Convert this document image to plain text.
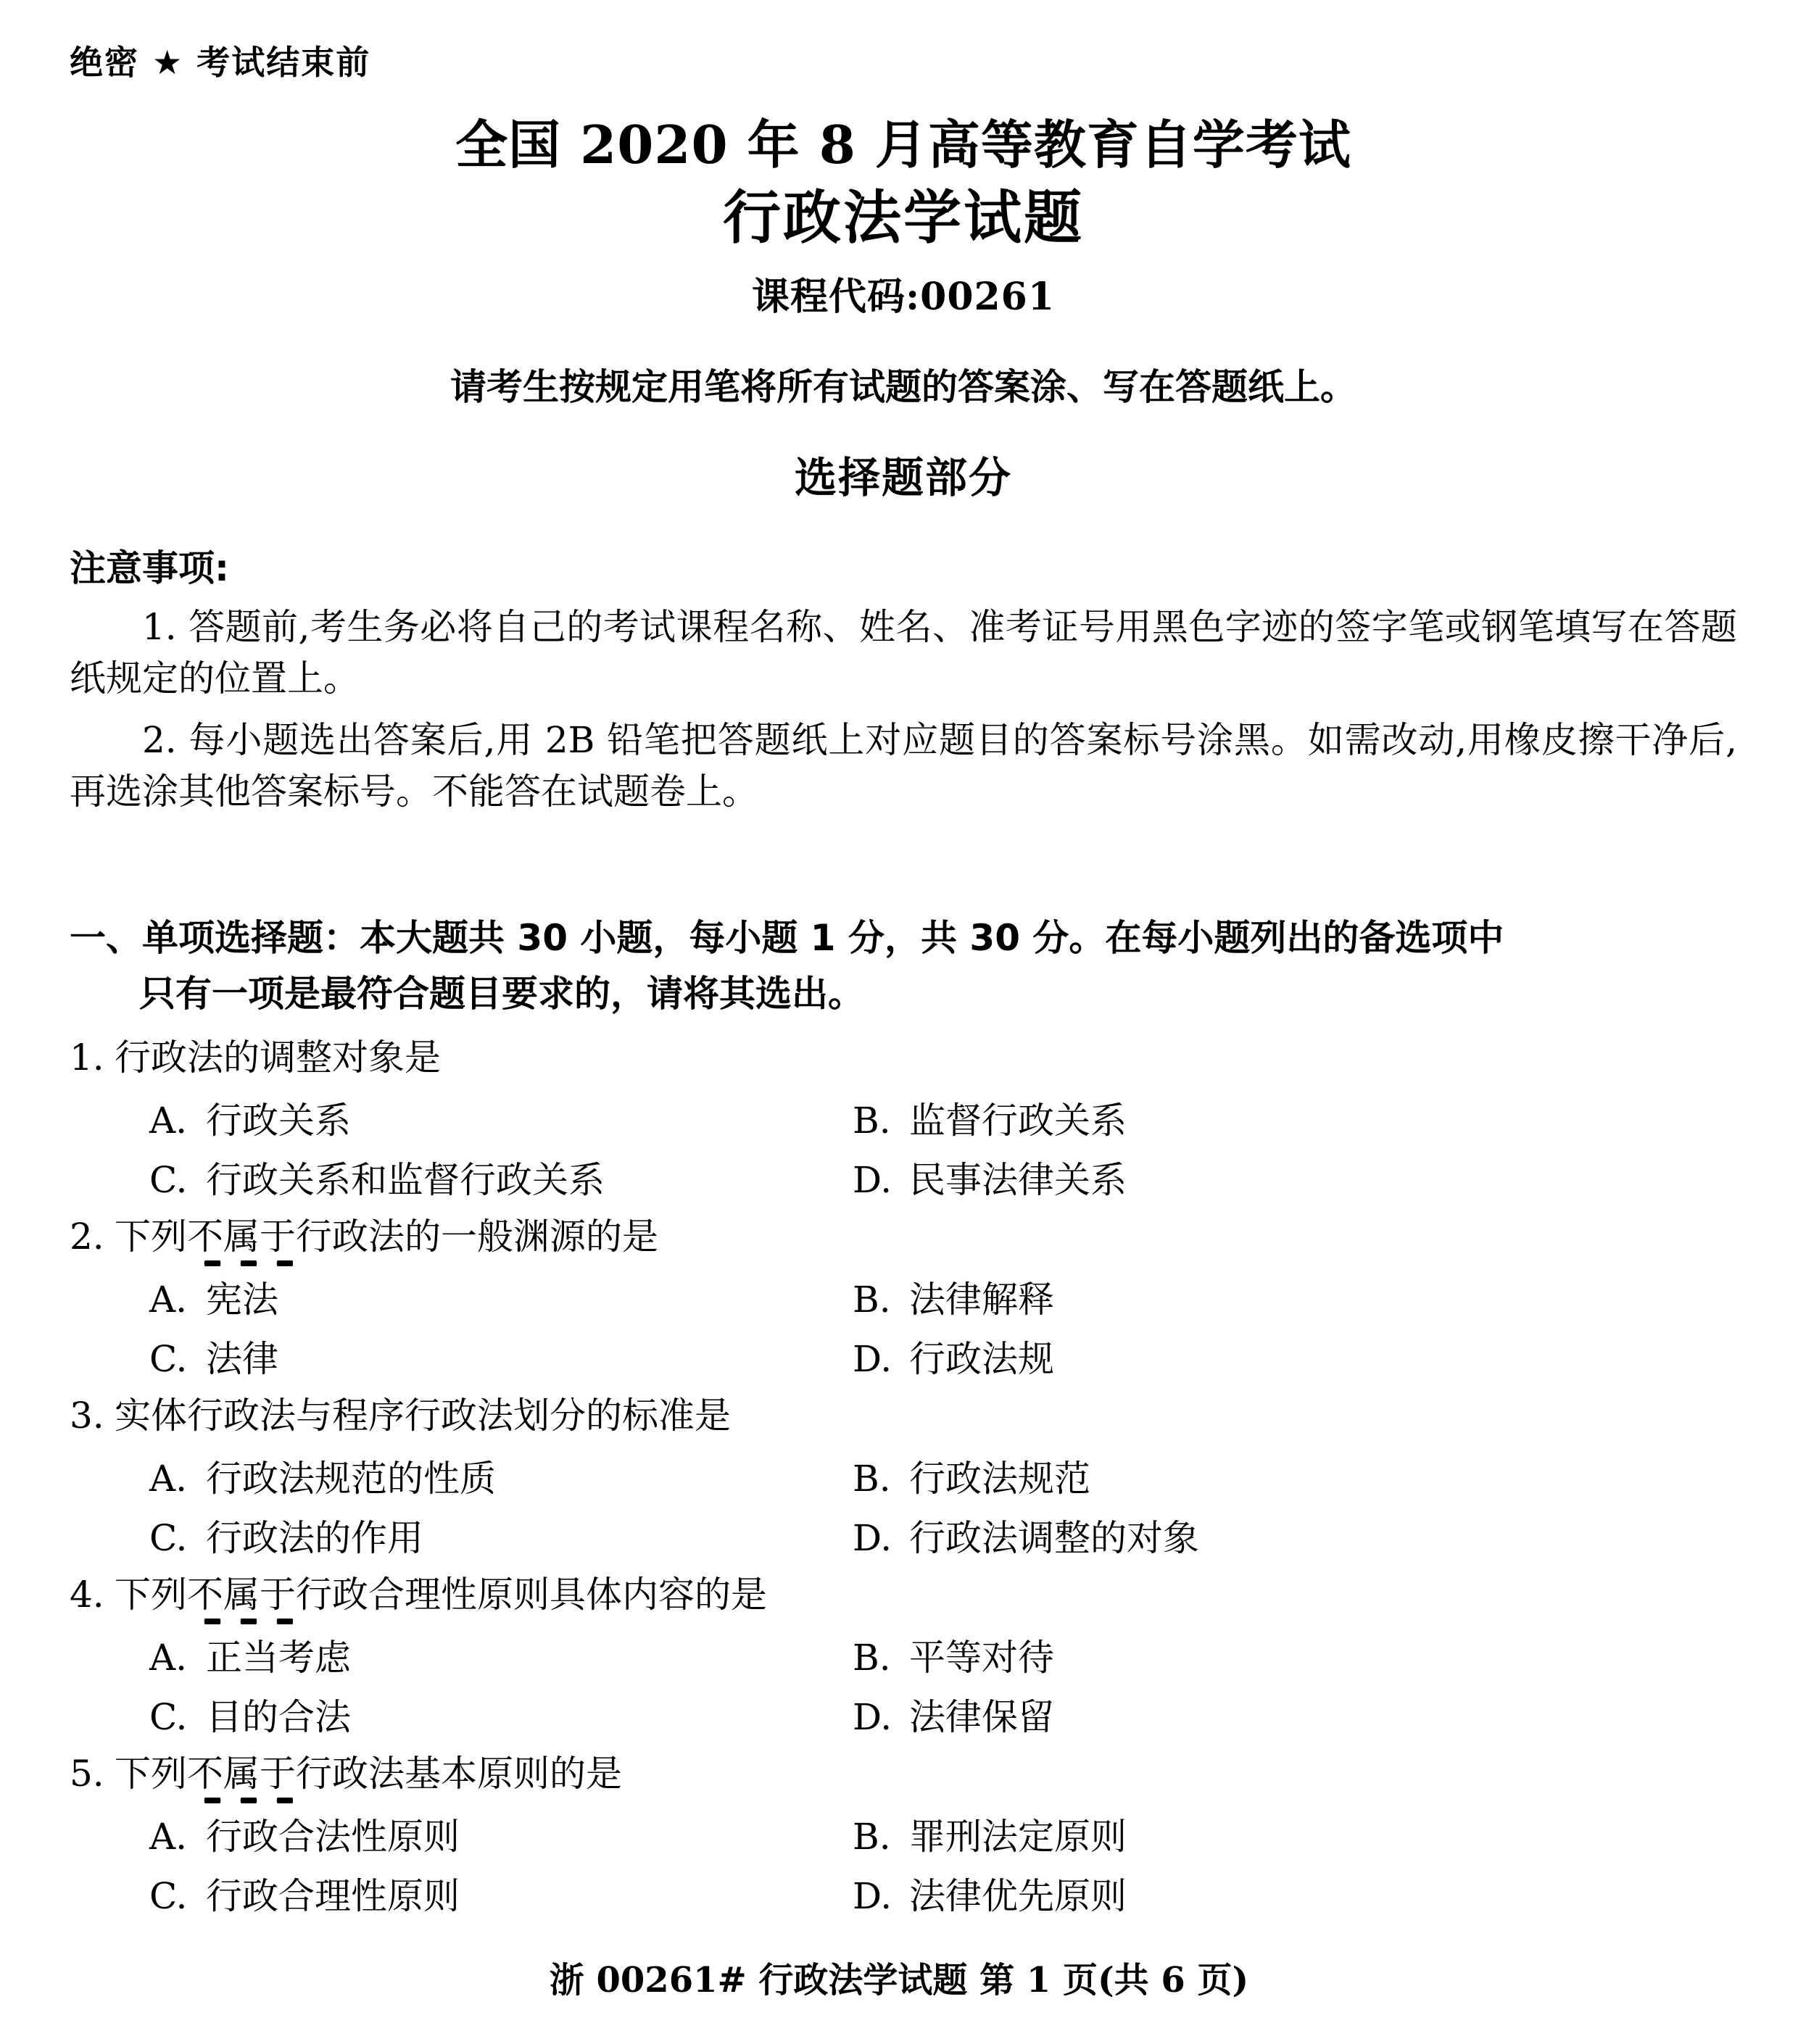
绝密 ★ 考试结束前
全国 2020 年 8 月高等教育自学考试
行政法学试题
课程代码:00261
请考生按规定用笔将所有试题的答案涂、写在答题纸上。
选择题部分
注意事项:
1. 答题前,考生务必将自己的考试课程名称、姓名、准考证号用黑色字迹的签字笔或钢笔填写在答题纸规定的位置上。
2. 每小题选出答案后,用 2B 铅笔把答题纸上对应题目的答案标号涂黑。如需改动,用橡皮擦干净后,再选涂其他答案标号。不能答在试题卷上。
一、单项选择题：本大题共 30 小题，每小题 1 分，共 30 分。在每小题列出的备选项中
只有一项是最符合题目要求的，请将其选出。
1. 行政法的调整对象是
A. 行政关系	B. 监督行政关系
C. 行政关系和监督行政关系	D. 民事法律关系
2. 下列不属于行政法的一般渊源的是
A. 宪法	B. 法律解释
C. 法律	D. 行政法规
3. 实体行政法与程序行政法划分的标准是
A. 行政法规范的性质	B. 行政法规范
C. 行政法的作用	D. 行政法调整的对象
4. 下列不属于行政合理性原则具体内容的是
A. 正当考虑	B. 平等对待
C. 目的合法	D. 法律保留
5. 下列不属于行政法基本原则的是
A. 行政合法性原则	B. 罪刑法定原则
C. 行政合理性原则	D. 法律优先原则
浙 00261# 行政法学试题 第 1 页(共 6 页)
